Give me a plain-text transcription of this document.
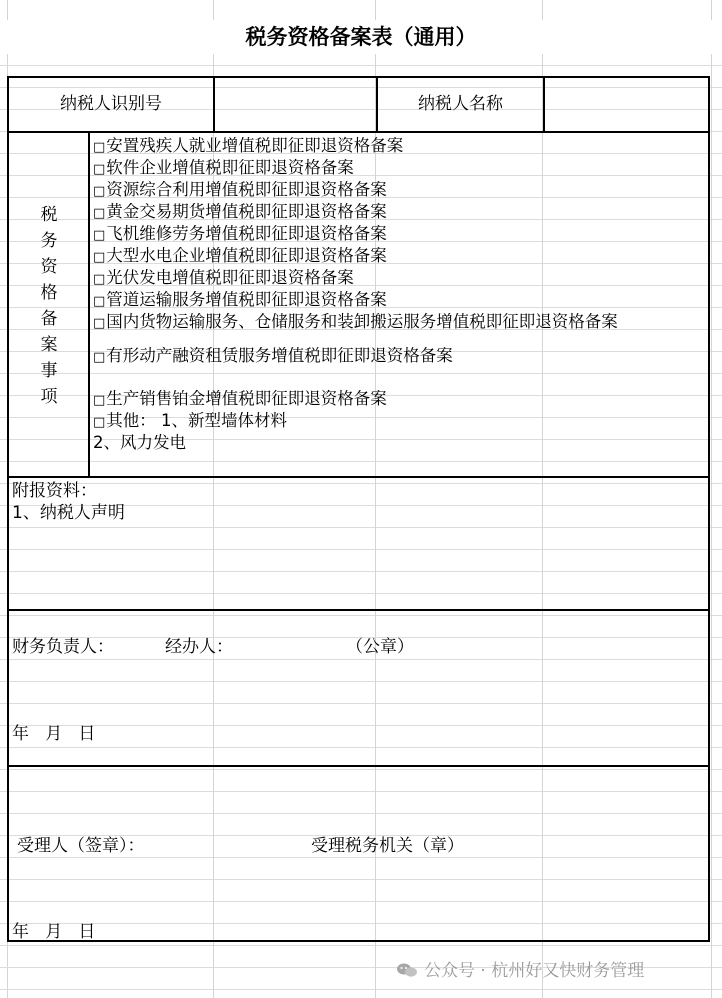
税务资格备案表（通用）
纳税人识别号	纳税人名称
税
务
资
格
备
案
事
项
□安置残疾人就业增值税即征即退资格备案
□软件企业增值税即征即退资格备案
□资源综合利用增值税即征即退资格备案
□黄金交易期货增值税即征即退资格备案
□飞机维修劳务增值税即征即退资格备案
□大型水电企业增值税即征即退资格备案
□光伏发电增值税即征即退资格备案
□管道运输服务增值税即征即退资格备案
□国内货物运输服务、仓储服务和装卸搬运服务增值税即征即退资格备案
□有形动产融资租赁服务增值税即征即退资格备案
□生产销售铂金增值税即征即退资格备案
□其他： 1、新型墙体材料
2、风力发电
附报资料：
1、纳税人声明
财务负责人：	经办人：	（公章）
年   月   日
受理人（签章）：	受理税务机关（章）
年   月   日
公众号 · 杭州好又快财务管理
